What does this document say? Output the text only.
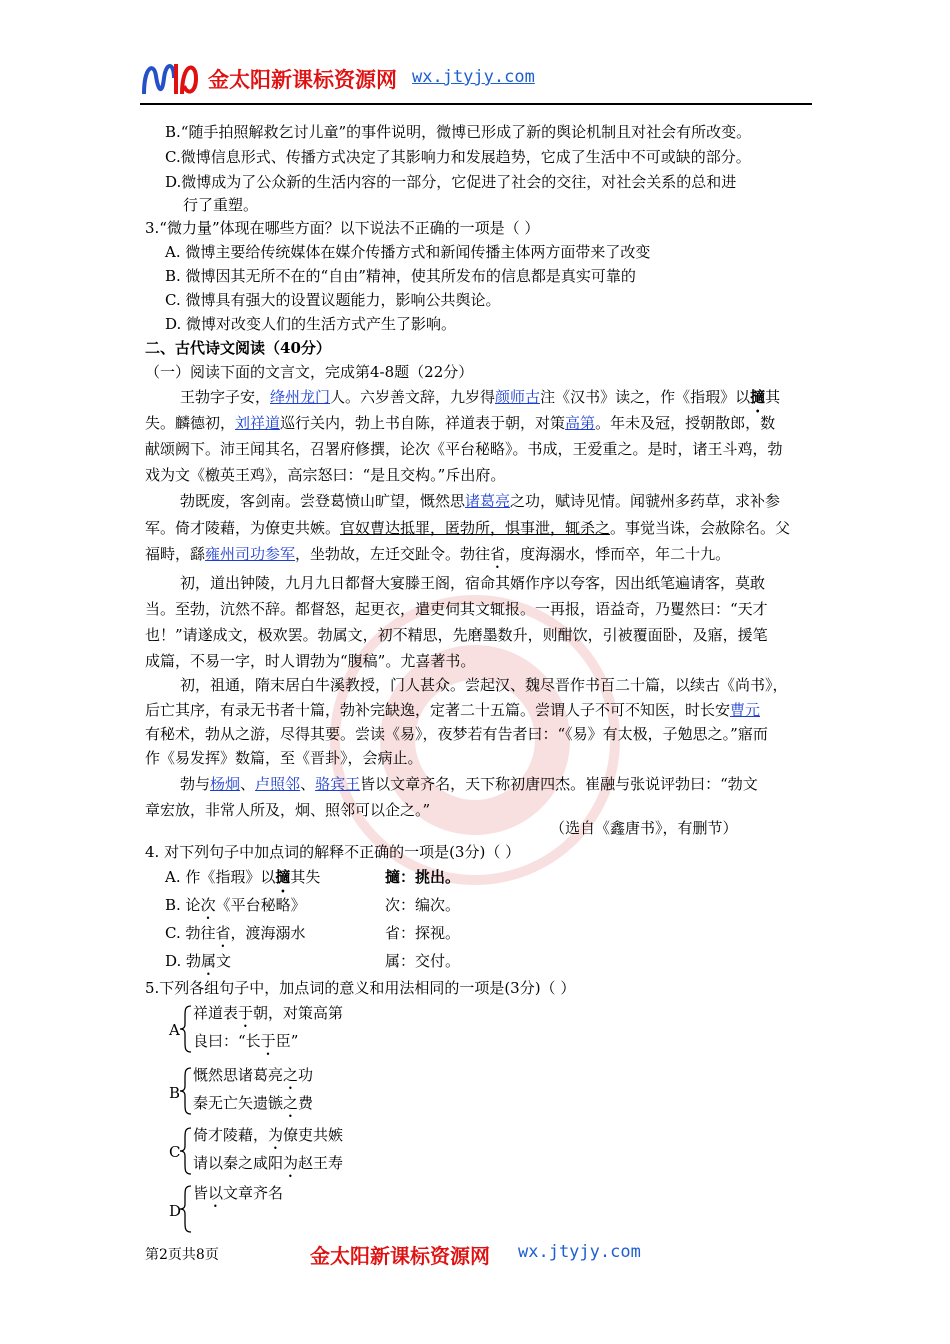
金太阳新课标资源网 wx.jtyjy.com
B.“随手拍照解救乞讨儿童”的事件说明，微博已形成了新的舆论机制且对社会有所改变。
C.微博信息形式、传播方式决定了其影响力和发展趋势，它成了生活中不可或缺的部分。
D.微博成为了公众新的生活内容的一部分，它促进了社会的交往，对社会关系的总和进
行了重塑。
3.“微力量”体现在哪些方面？以下说法不正确的一项是（ ）
A. 微博主要给传统媒体在媒介传播方式和新闻传播主体两方面带来了改变
B. 微博因其无所不在的“自由”精神，使其所发布的信息都是真实可靠的
C. 微博具有强大的设置议题能力，影响公共舆论。
D. 微博对改变人们的生活方式产生了影响。
二、古代诗文阅读（40分）
（一）阅读下面的文言文，完成第4-8题（22分）
王勃字子安，绛州龙门人。六岁善文辞，九岁得颜师古注《汉书》读之，作《指瑕》以擿其
失。麟德初，刘祥道巡行关内，勃上书自陈，祥道表于朝，对策高第。年未及冠，授朝散郎，数
献颂阙下。沛王闻其名，召署府修撰，论次《平台秘略》。书成，王爱重之。是时，诸王斗鸡，勃
戏为文《檄英王鸡》，高宗怒曰：“是且交构。”斥出府。
勃既废，客剑南。尝登葛愤山旷望，慨然思诸葛亮之功，赋诗见情。闻虢州多药草，求补参
军。倚才陵藉，为僚吏共嫉。官奴曹达抵罪，匿勃所，惧事泄，辄杀之。事觉当诛，会赦除名。父
福畤，繇雍州司功参军，坐勃故，左迁交趾令。勃往省，度海溺水，悸而卒，年二十九。
初，道出钟陵，九月九日都督大宴滕王阁，宿命其婿作序以夸客，因出纸笔遍请客，莫敢
当。至勃，沆然不辞。都督怒，起更衣，遣吏伺其文辄报。一再报，语益奇，乃矍然曰：“天才
也！”请遂成文，极欢罢。勃属文，初不精思，先磨墨数升，则酣饮，引被覆面卧，及寤，援笔
成篇，不易一字，时人谓勃为“腹稿”。尤喜著书。
初，祖通，隋末居白牛溪教授，门人甚众。尝起汉、魏尽晋作书百二十篇，以续古《尚书》，
后亡其序，有录无书者十篇，勃补完缺逸，定著二十五篇。尝谓人子不可不知医，时长安曹元
有秘术，勃从之游，尽得其要。尝读《易》，夜梦若有告者曰：“《易》有太极，子勉思之。”寤而
作《易发挥》数篇，至《晋卦》，会病止。
勃与杨炯、卢照邻、骆宾王皆以文章齐名，天下称初唐四杰。崔融与张说评勃曰：“勃文
章宏放，非常人所及，炯、照邻可以企之。”
（选自《鑫唐书》，有删节）
4. 对下列句子中加点词的解释不正确的一项是(3分)（ ）
A. 作《指瑕》以擿其失	擿：挑出。
B. 论次《平台秘略》	次：编次。
C. 勃往省，渡海溺水	省：探视。
D. 勃属文	属：交付。
5.下列各组句子中，加点词的意义和用法相同的一项是(3分)（ ）
A
祥道表于朝，对策高第
良曰：“长于臣”
B
慨然思诸葛亮之功
秦无亡矢遗镞之费
C
倚才陵藉，为僚吏共嫉
请以秦之咸阳为赵王寿
D
皆以文章齐名
第2页共8页	金太阳新课标资源网 wx.jtyjy.com
